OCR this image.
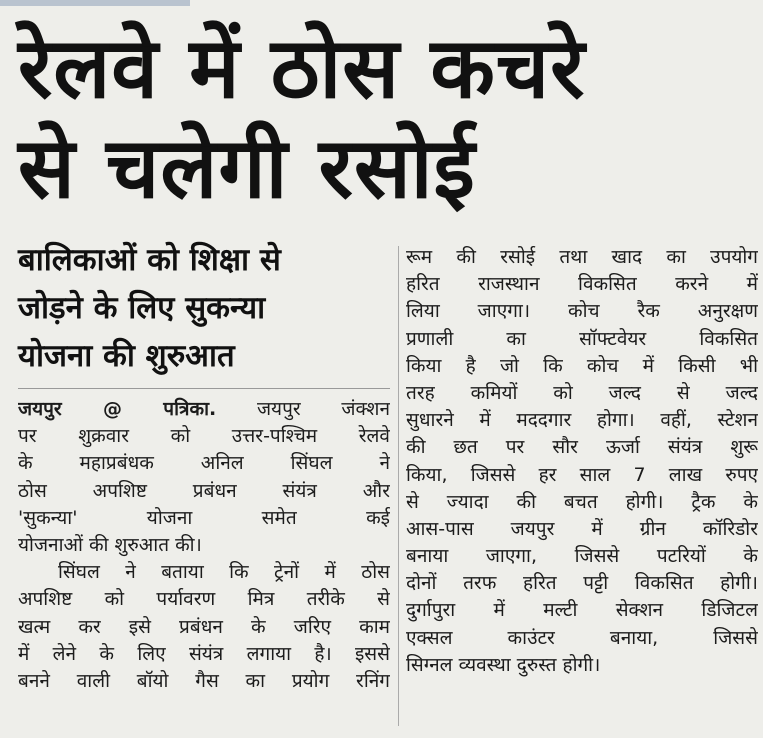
रेलवे में ठोस कचरे
से चलेगी रसोई
बालिकाओं को शिक्षा से
जोड़ने के लिए सुकन्या
योजना की शुरुआत
जयपुर @ पत्रिका. जयपुर जंक्शन
पर शुक्रवार को उत्तर-पश्चिम रेलवे
के महाप्रबंधक अनिल सिंघल ने
ठोस अपशिष्ट प्रबंधन संयंत्र और
'सुकन्या' योजना समेत कई
योजनाओं की शुरुआत की।
सिंघल ने बताया कि ट्रेनों में ठोस
अपशिष्ट को पर्यावरण मित्र तरीके से
खत्म कर इसे प्रबंधन के जरिए काम
में लेने के लिए संयंत्र लगाया है। इससे
बनने वाली बॉयो गैस का प्रयोग रनिंग
रूम की रसोई तथा खाद का उपयोग
हरित राजस्थान विकसित करने में
लिया जाएगा। कोच रैक अनुरक्षण
प्रणाली का सॉफ्टवेयर विकसित
किया है जो कि कोच में किसी भी
तरह कमियों को जल्द से जल्द
सुधारने में मददगार होगा। वहीं, स्टेशन
की छत पर सौर ऊर्जा संयंत्र शुरू
किया, जिससे हर साल 7 लाख रुपए
से ज्यादा की बचत होगी। ट्रैक के
आस-पास जयपुर में ग्रीन कॉरिडोर
बनाया जाएगा, जिससे पटरियों के
दोनों तरफ हरित पट्टी विकसित होगी।
दुर्गापुरा में मल्टी सेक्शन डिजिटल
एक्सल काउंटर बनाया, जिससे
सिग्नल व्यवस्था दुरुस्त होगी।
